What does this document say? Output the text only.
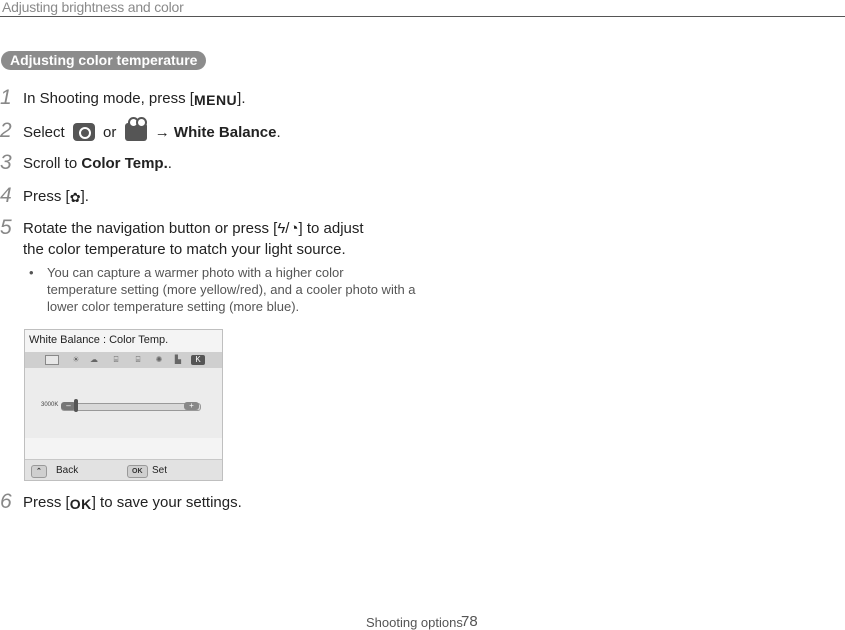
Adjusting brightness and color
Adjusting color temperature
1 In Shooting mode, press [MENU].
2 Select	or	→ White Balance.
3 Scroll to Color Temp..
4 Press [✿].
5 Rotate the navigation button or press [ϟ/◔] to adjust
the color temperature to match your light source.
• You can capture a warmer photo with a higher color temperature setting (more yellow/red), and a cooler photo with a lower color temperature setting (more blue).
White Balance : Color Temp.
☀	☁	⌸	⌸	✺	▙	K
3000K –	+
⌃	Back	OK Set
6 Press [OK] to save your settings.
Shooting options
78
